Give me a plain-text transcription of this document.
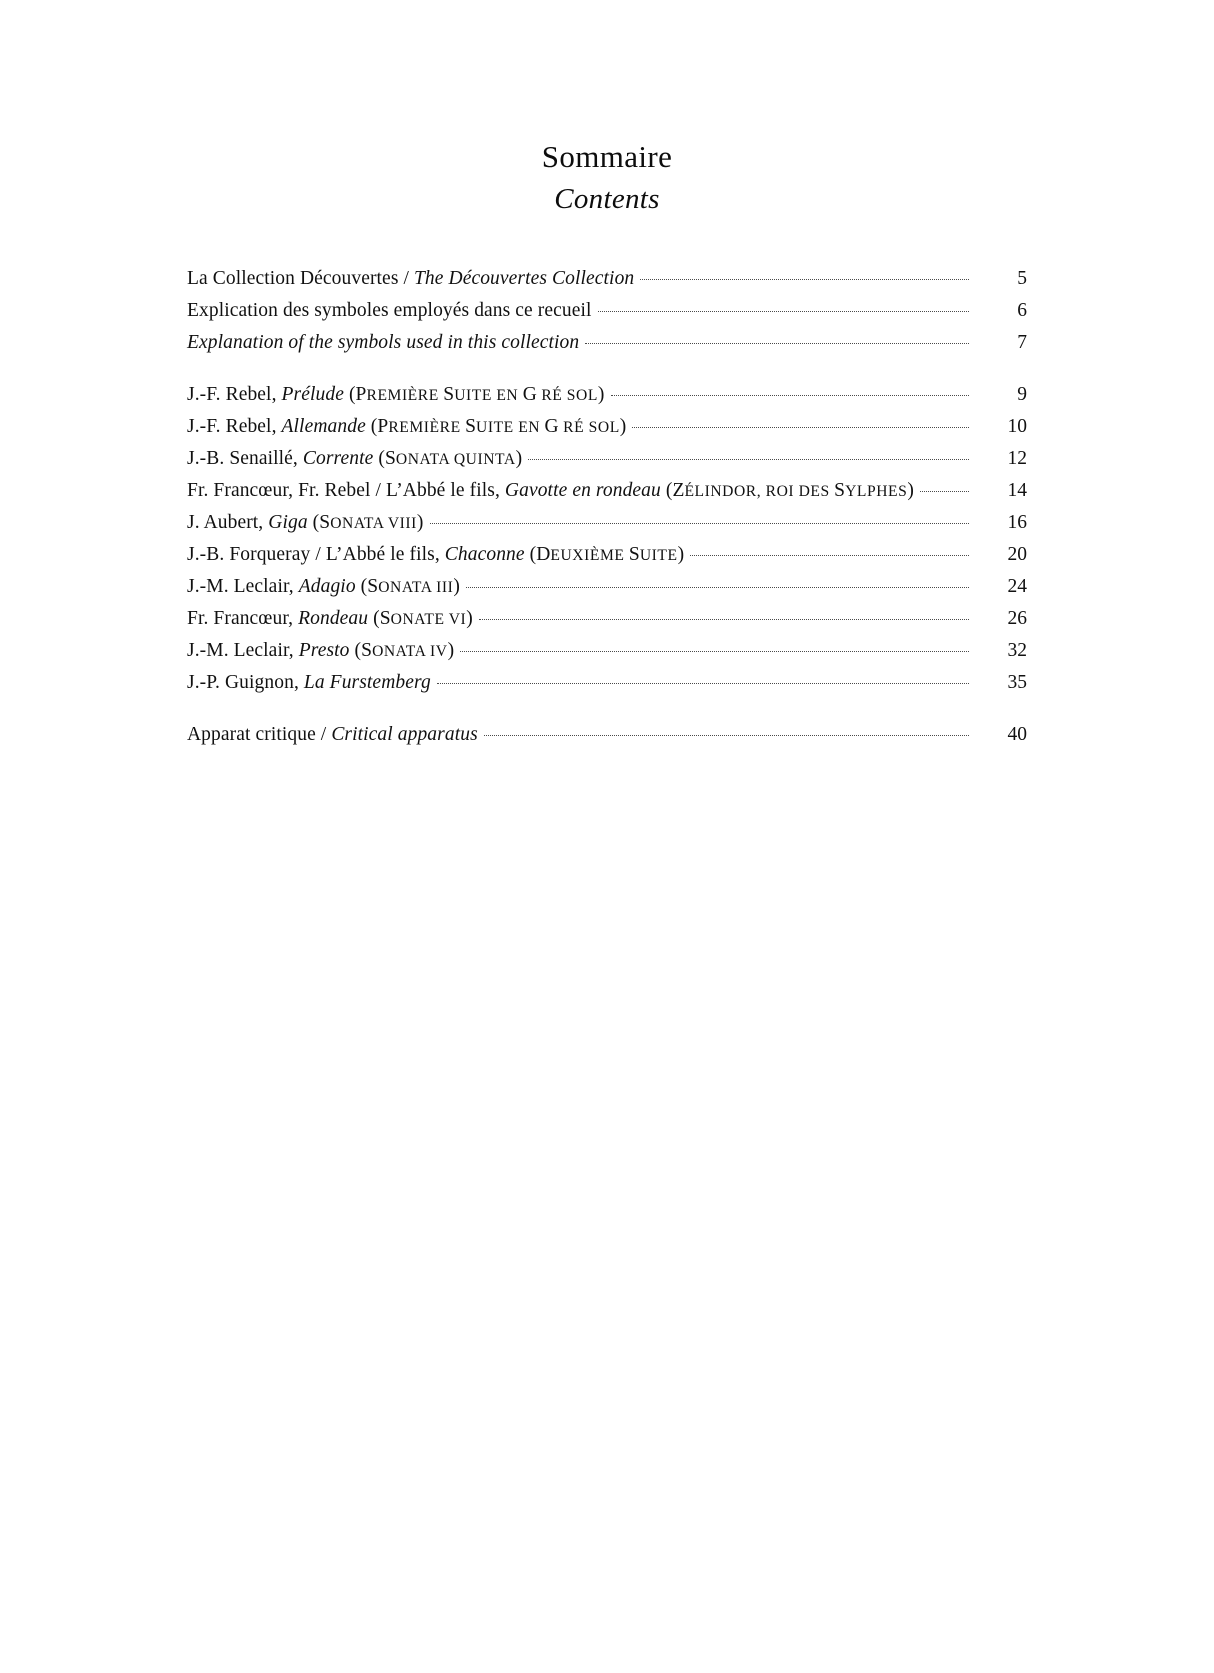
Sommaire
Contents
La Collection Découvertes / The Découvertes Collection	5
Explication des symboles employés dans ce recueil	6
Explanation of the symbols used in this collection	7
J.-F. Rebel, Prélude (PREMIÈRE SUITE EN G RÉ SOL)	9
J.-F. Rebel, Allemande (PREMIÈRE SUITE EN G RÉ SOL)	10
J.-B. Senaillé, Corrente (SONATA QUINTA)	12
Fr. Francœur, Fr. Rebel / L’Abbé le fils, Gavotte en rondeau (ZÉLINDOR, ROI DES SYLPHES)	14
J. Aubert, Giga (SONATA VIII)	16
J.-B. Forqueray / L’Abbé le fils, Chaconne (DEUXIÈME SUITE)	20
J.-M. Leclair, Adagio (SONATA III)	24
Fr. Francœur, Rondeau (SONATE VI)	26
J.-M. Leclair, Presto (SONATA IV)	32
J.-P. Guignon, La Furstemberg	35
Apparat critique / Critical apparatus	40
